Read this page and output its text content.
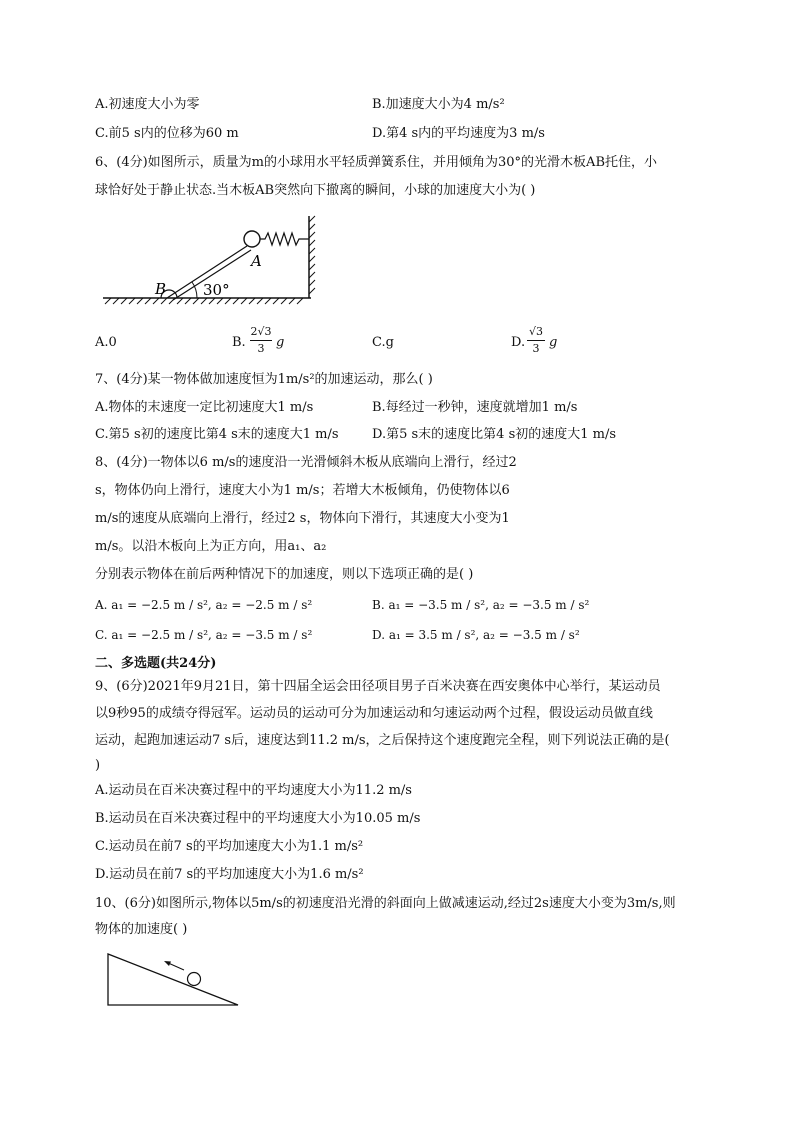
A.初速度大小为零	B.加速度大小为4 m/s²
C.前5 s内的位移为60 m	D.第4 s内的平均速度为3 m/s
6、(4分)如图所示，质量为m的小球用水平轻质弹簧系住，并用倾角为30°的光滑木板AB托住，小
球恰好处于静止状态.当木板AB突然向下撤离的瞬间，小球的加速度大小为( )
A
B 30°
A.0	B.
2√3
3 g	C.g	D.
√3
3 g
7、(4分)某一物体做加速度恒为1m/s²的加速运动，那么( )
A.物体的末速度一定比初速度大1 m/s	B.每经过一秒钟，速度就增加1 m/s
C.第5 s初的速度比第4 s末的速度大1 m/s	D.第5 s末的速度比第4 s初的速度大1 m/s
8、(4分)一物体以6 m/s的速度沿一光滑倾斜木板从底端向上滑行，经过2
s，物体仍向上滑行，速度大小为1 m/s；若增大木板倾角，仍使物体以6
m/s的速度从底端向上滑行，经过2 s，物体向下滑行，其速度大小变为1
m/s。以沿木板向上为正方向，用a₁、a₂
分别表示物体在前后两种情况下的加速度，则以下选项正确的是( )
A. a₁ = −2.5 m / s², a₂ = −2.5 m / s²	B. a₁ = −3.5 m / s², a₂ = −3.5 m / s²
C. a₁ = −2.5 m / s², a₂ = −3.5 m / s²	D. a₁ = 3.5 m / s², a₂ = −3.5 m / s²
二、多选题(共24分)
9、(6分)2021年9月21日，第十四届全运会田径项目男子百米决赛在西安奥体中心举行，某运动员
以9秒95的成绩夺得冠军。运动员的运动可分为加速运动和匀速运动两个过程，假设运动员做直线
运动，起跑加速运动7 s后，速度达到11.2 m/s，之后保持这个速度跑完全程，则下列说法正确的是(
)
A.运动员在百米决赛过程中的平均速度大小为11.2 m/s
B.运动员在百米决赛过程中的平均速度大小为10.05 m/s
C.运动员在前7 s的平均加速度大小为1.1 m/s²
D.运动员在前7 s的平均加速度大小为1.6 m/s²
10、(6分)如图所示,物体以5m/s的初速度沿光滑的斜面向上做减速运动,经过2s速度大小变为3m/s,则
物体的加速度( )
